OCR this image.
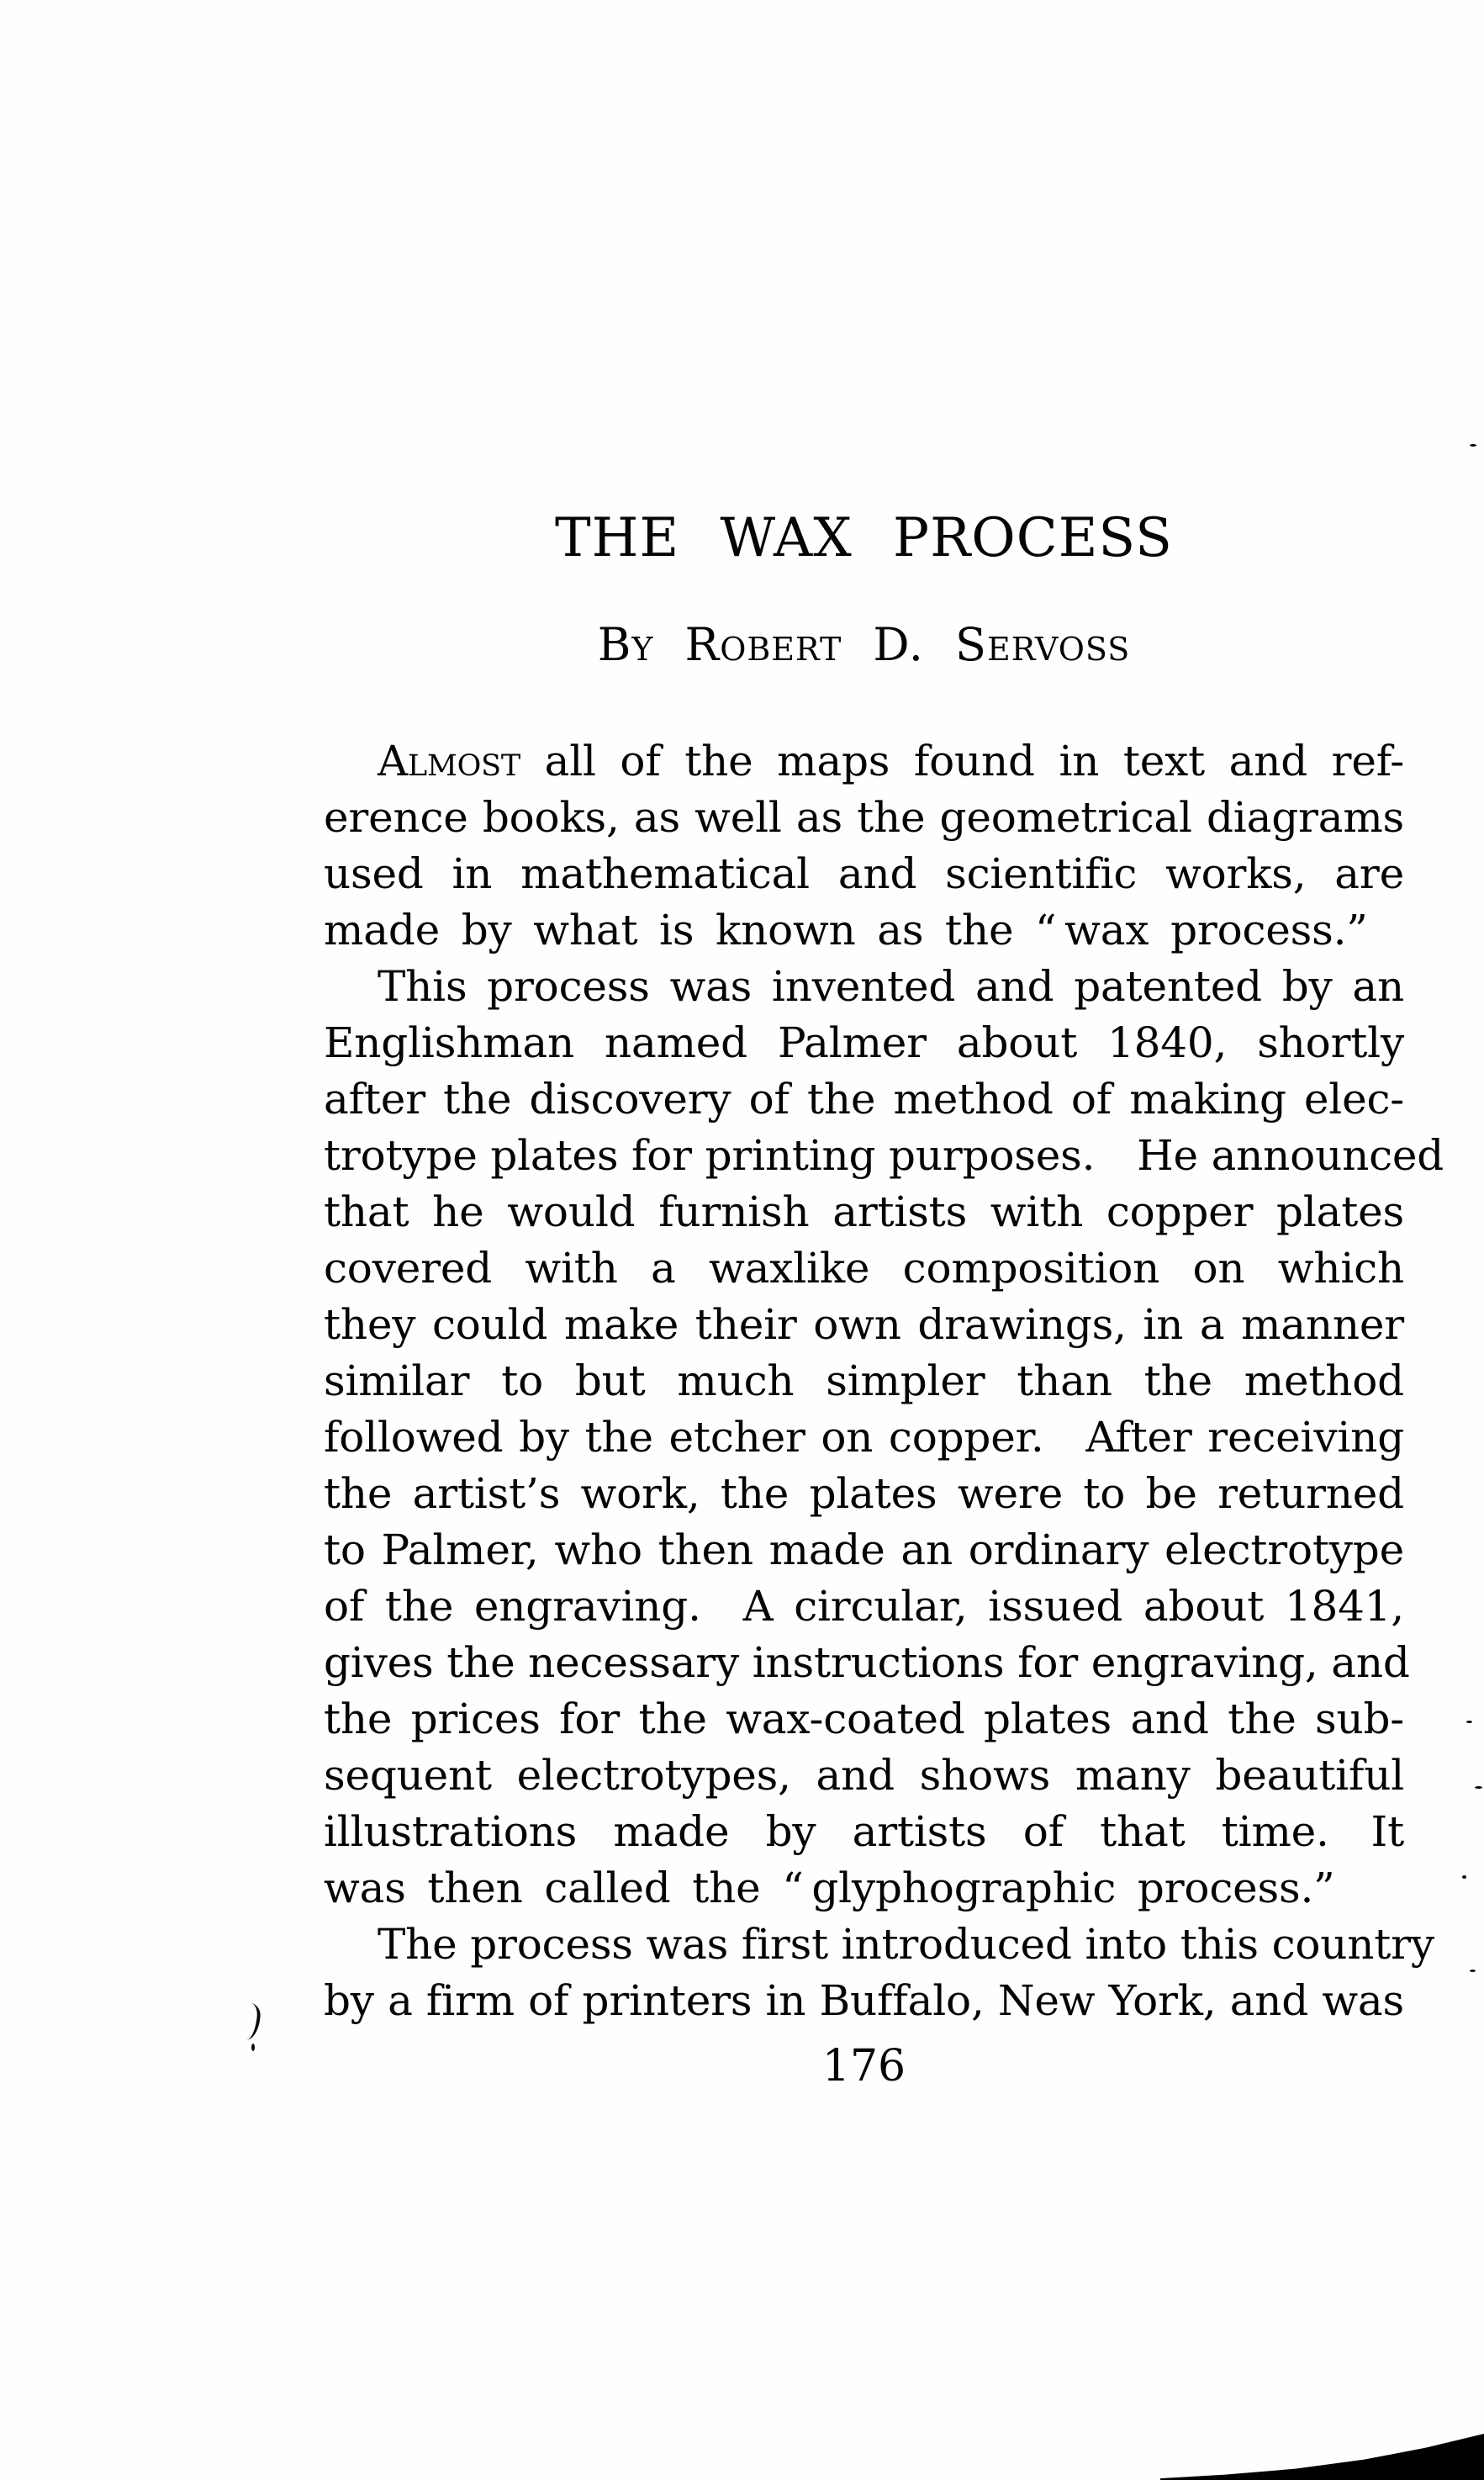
THE WAX PROCESS
By Robert D. Servoss
Almost all of the maps found in text and ref-
erence books, as well as the geometrical diagrams
used in mathematical and scientific works, are
made by what is known as the “ wax process.”
This process was invented and patented by an
Englishman named Palmer about 1840, shortly
after the discovery of the method of making elec-
trotype plates for printing purposes. He announced
that he would furnish artists with copper plates
covered with a waxlike composition on which
they could make their own drawings, in a manner
similar to but much simpler than the method
followed by the etcher on copper. After receiving
the artist’s work, the plates were to be returned
to Palmer, who then made an ordinary electrotype
of the engraving. A circular, issued about 1841,
gives the necessary instructions for engraving, and
the prices for the wax-coated plates and the sub-
sequent electrotypes, and shows many beautiful
illustrations made by artists of that time. It
was then called the “ glyphographic process.”
The process was first introduced into this country
by a firm of printers in Buffalo, New York, and was
176
